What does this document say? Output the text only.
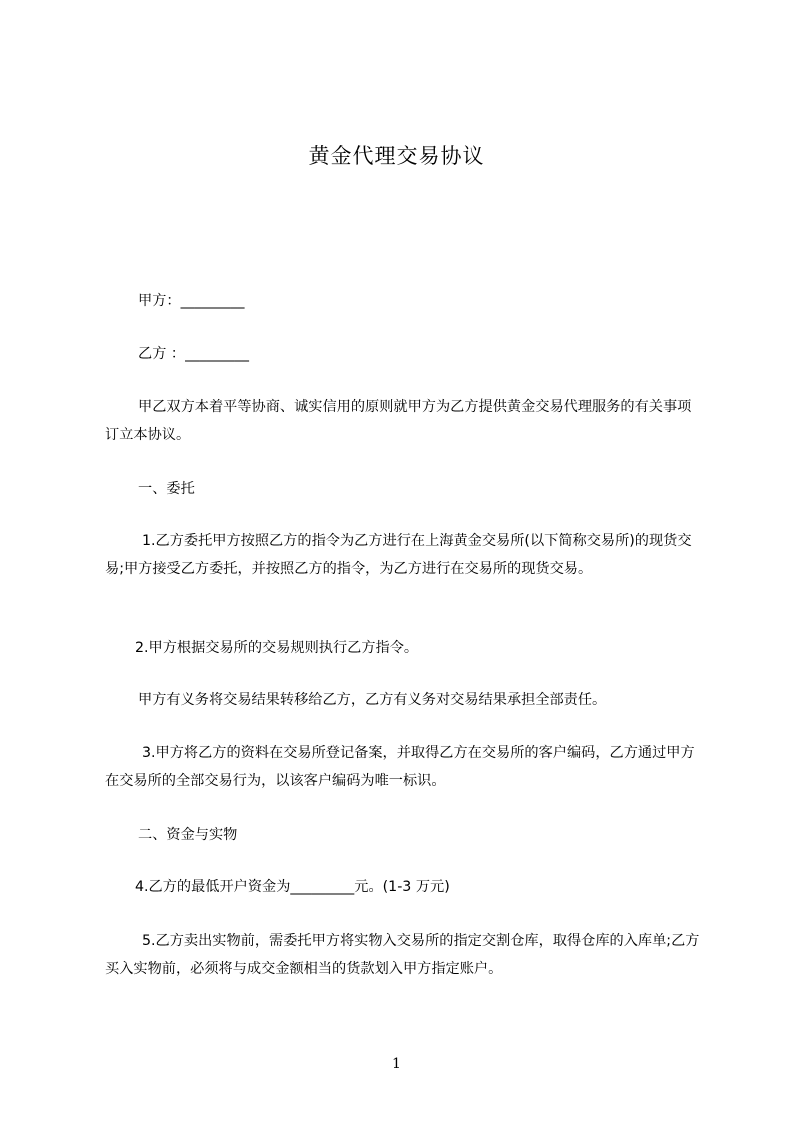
黄金代理交易协议

甲方：_________

乙方 ：_________

甲乙双方本着平等协商、诚实信用的原则就甲方为乙方提供黄金交易代理服务的有关事项订立本协议。

一、委托

1.乙方委托甲方按照乙方的指令为乙方进行在上海黄金交易所(以下简称交易所)的现货交易;甲方接受乙方委托，并按照乙方的指令，为乙方进行在交易所的现货交易。

2.甲方根据交易所的交易规则执行乙方指令。

甲方有义务将交易结果转移给乙方，乙方有义务对交易结果承担全部责任。

3.甲方将乙方的资料在交易所登记备案，并取得乙方在交易所的客户编码，乙方通过甲方在交易所的全部交易行为，以该客户编码为唯一标识。

二、资金与实物

4.乙方的最低开户资金为_________元。(1-3 万元)

5.乙方卖出实物前，需委托甲方将实物入交易所的指定交割仓库，取得仓库的入库单;乙方买入实物前，必须将与成交金额相当的货款划入甲方指定账户。

1
